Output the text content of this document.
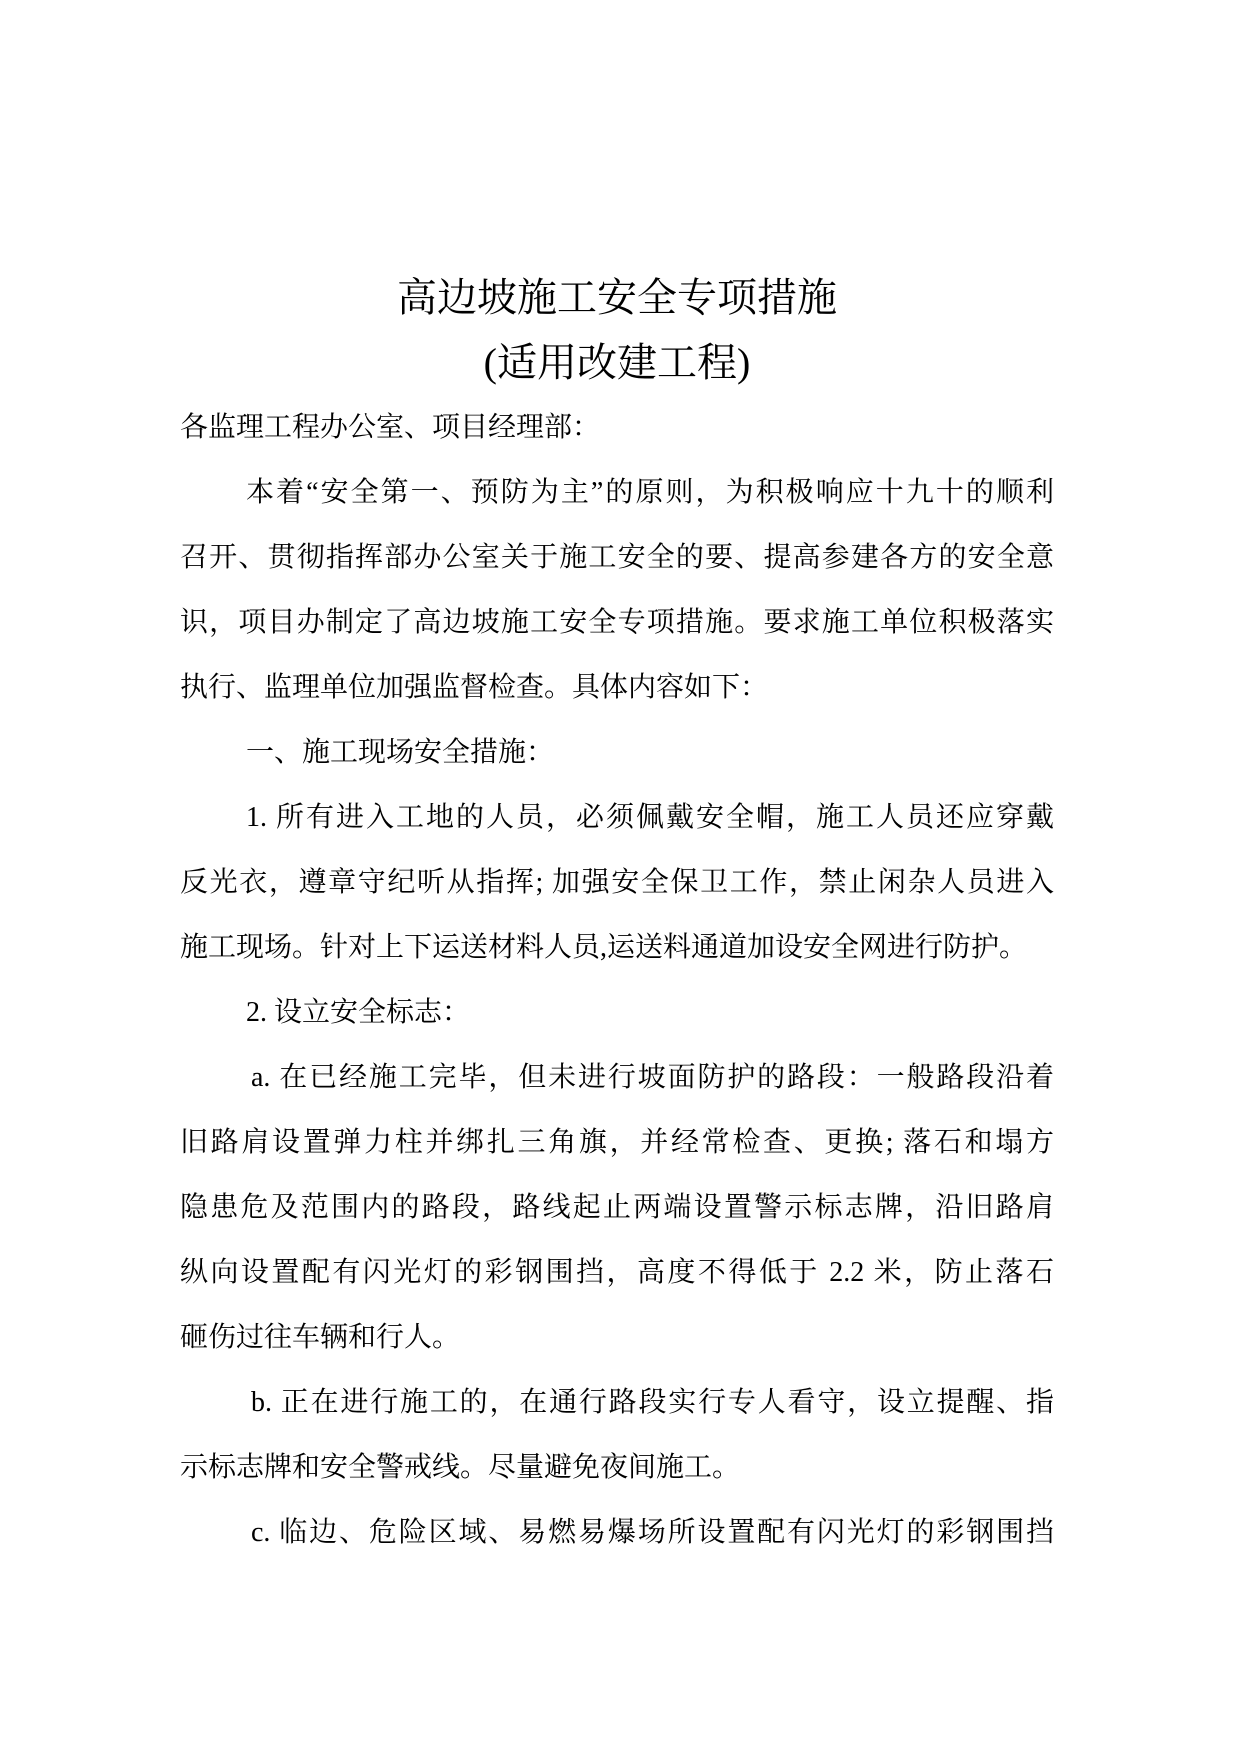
高边坡施工安全专项措施
(适用改建工程)
各监理工程办公室、项目经理部：
本着“安全第一、预防为主”的原则，为积极响应十九十的顺利
召开、贯彻指挥部办公室关于施工安全的要、提高参建各方的安全意
识，项目办制定了高边坡施工安全专项措施。要求施工单位积极落实
执行、监理单位加强监督检查。具体内容如下：
一、施工现场安全措施：
1. 所有进入工地的人员，必须佩戴安全帽，施工人员还应穿戴
反光衣，遵章守纪听从指挥; 加强安全保卫工作，禁止闲杂人员进入
施工现场。针对上下运送材料人员,运送料通道加设安全网进行防护。
2. 设立安全标志：
a. 在已经施工完毕，但未进行坡面防护的路段：一般路段沿着
旧路肩设置弹力柱并绑扎三角旗，并经常检查、更换; 落石和塌方
隐患危及范围内的路段，路线起止两端设置警示标志牌，沿旧路肩
纵向设置配有闪光灯的彩钢围挡，高度不得低于 2.2 米，防止落石
砸伤过往车辆和行人。
b. 正在进行施工的，在通行路段实行专人看守，设立提醒、指
示标志牌和安全警戒线。尽量避免夜间施工。
c. 临边、危险区域、易燃易爆场所设置配有闪光灯的彩钢围挡
